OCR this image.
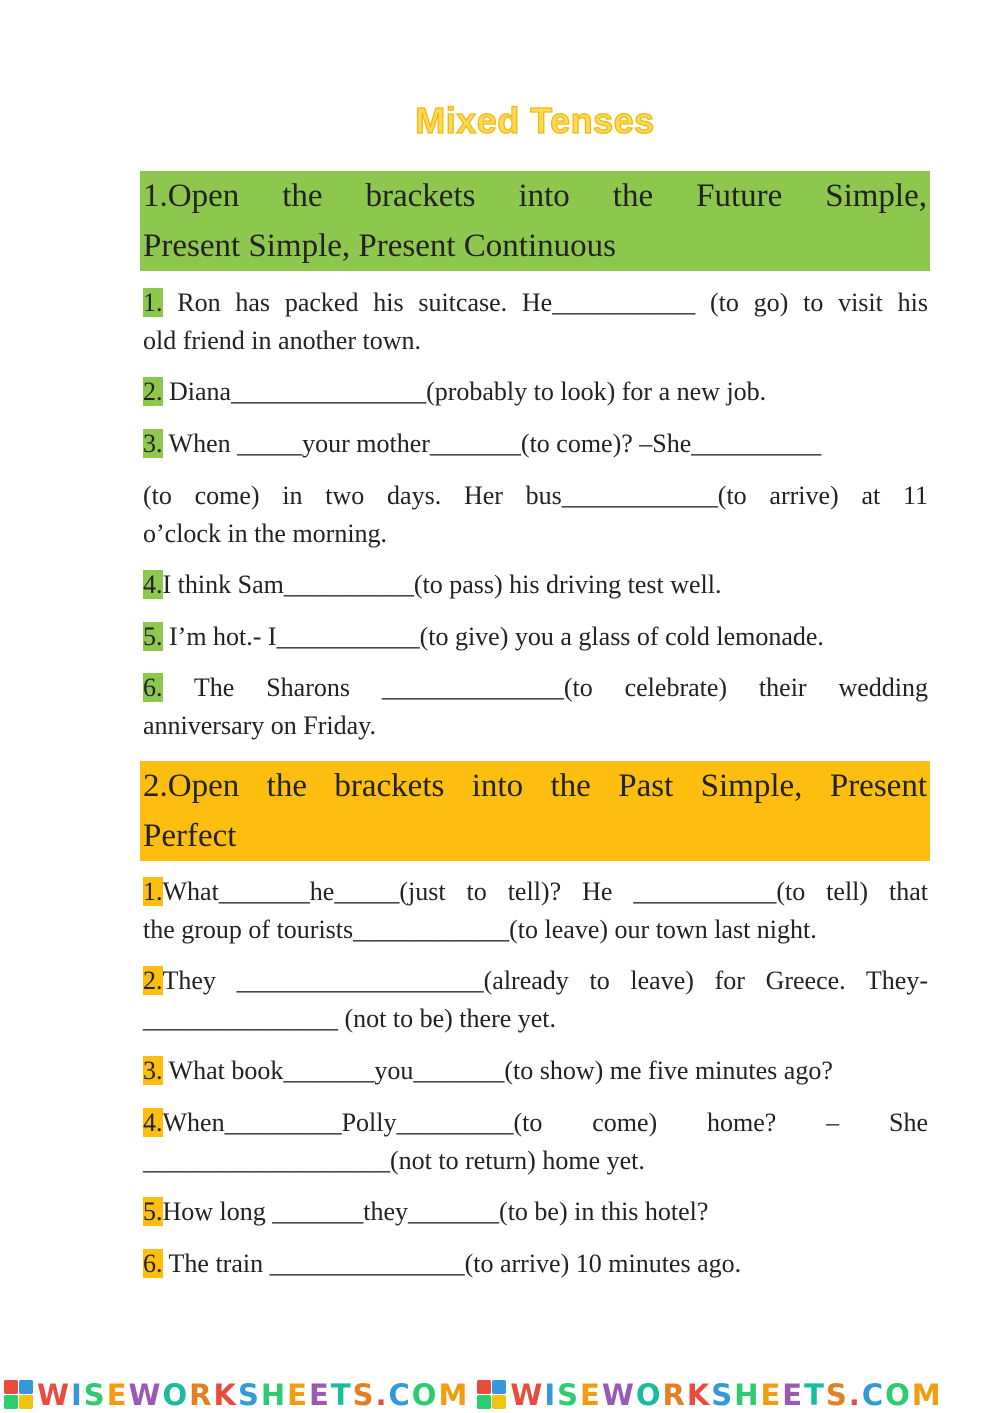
Mixed Tenses
1.Open the brackets into the Future Simple,
Present Simple, Present Continuous
1. Ron has packed his suitcase. He___________ (to go) to visit his
old friend in another town.
2. Diana_______________(probably to look) for a new job.
3. When _____your mother_______(to come)? –She__________
(to come) in two days. Her bus____________(to arrive) at 11
o’clock in the morning.
4.I think Sam__________(to pass) his driving test well.
5. I’m hot.- I___________(to give) you a glass of cold lemonade.
6. The Sharons ______________(to celebrate) their wedding
anniversary on Friday.
2.Open the brackets into the Past Simple, Present
Perfect
1.What_______he_____(just to tell)? He ___________(to tell) that
the group of tourists____________(to leave) our town last night.
2.They ___________________(already to leave) for Greece. They-
_______________ (not to be) there yet.
3. What book_______you_______(to show) me five minutes ago?
4.When_________Polly_________(to come) home? – She
___________________(not to return) home yet.
5.How long _______they_______(to be) in this hotel?
6. The train _______________(to arrive) 10 minutes ago.
WISEWORKSHEETS.COM WISEWORKSHEETS.COM
